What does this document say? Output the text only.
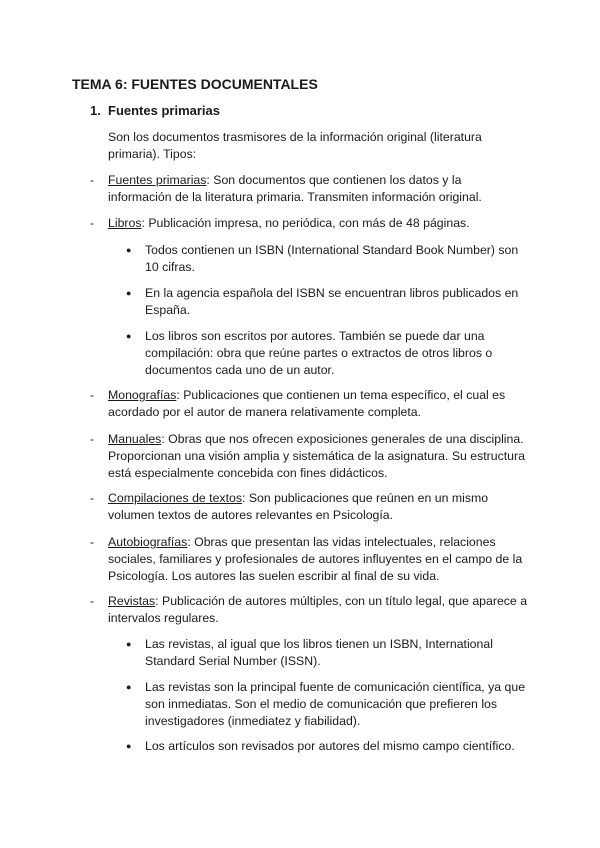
TEMA 6: FUENTES DOCUMENTALES
1. Fuentes primarias
Son los documentos trasmisores de la información original (literatura primaria). Tipos:
- Fuentes primarias: Son documentos que contienen los datos y la información de la literatura primaria. Transmiten información original.
- Libros: Publicación impresa, no periódica, con más de 48 páginas.
● Todos contienen un ISBN (International Standard Book Number) son 10 cifras.
● En la agencia española del ISBN se encuentran libros publicados en España.
● Los libros son escritos por autores. También se puede dar una compilación: obra que reúne partes o extractos de otros libros o documentos cada uno de un autor.
- Monografías: Publicaciones que contienen un tema específico, el cual es acordado por el autor de manera relativamente completa.
- Manuales: Obras que nos ofrecen exposiciones generales de una disciplina. Proporcionan una visión amplia y sistemática de la asignatura. Su estructura está especialmente concebida con fines didácticos.
- Compilaciones de textos: Son publicaciones que reúnen en un mismo volumen textos de autores relevantes en Psicología.
- Autobiografías: Obras que presentan las vidas intelectuales, relaciones sociales, familiares y profesionales de autores influyentes en el campo de la Psicología. Los autores las suelen escribir al final de su vida.
- Revistas: Publicación de autores múltiples, con un título legal, que aparece a intervalos regulares.
● Las revistas, al igual que los libros tienen un ISBN, International Standard Serial Number (ISSN).
● Las revistas son la principal fuente de comunicación científica, ya que son inmediatas. Son el medio de comunicación que prefieren los investigadores (inmediatez y fiabilidad).
● Los artículos son revisados por autores del mismo campo científico.
